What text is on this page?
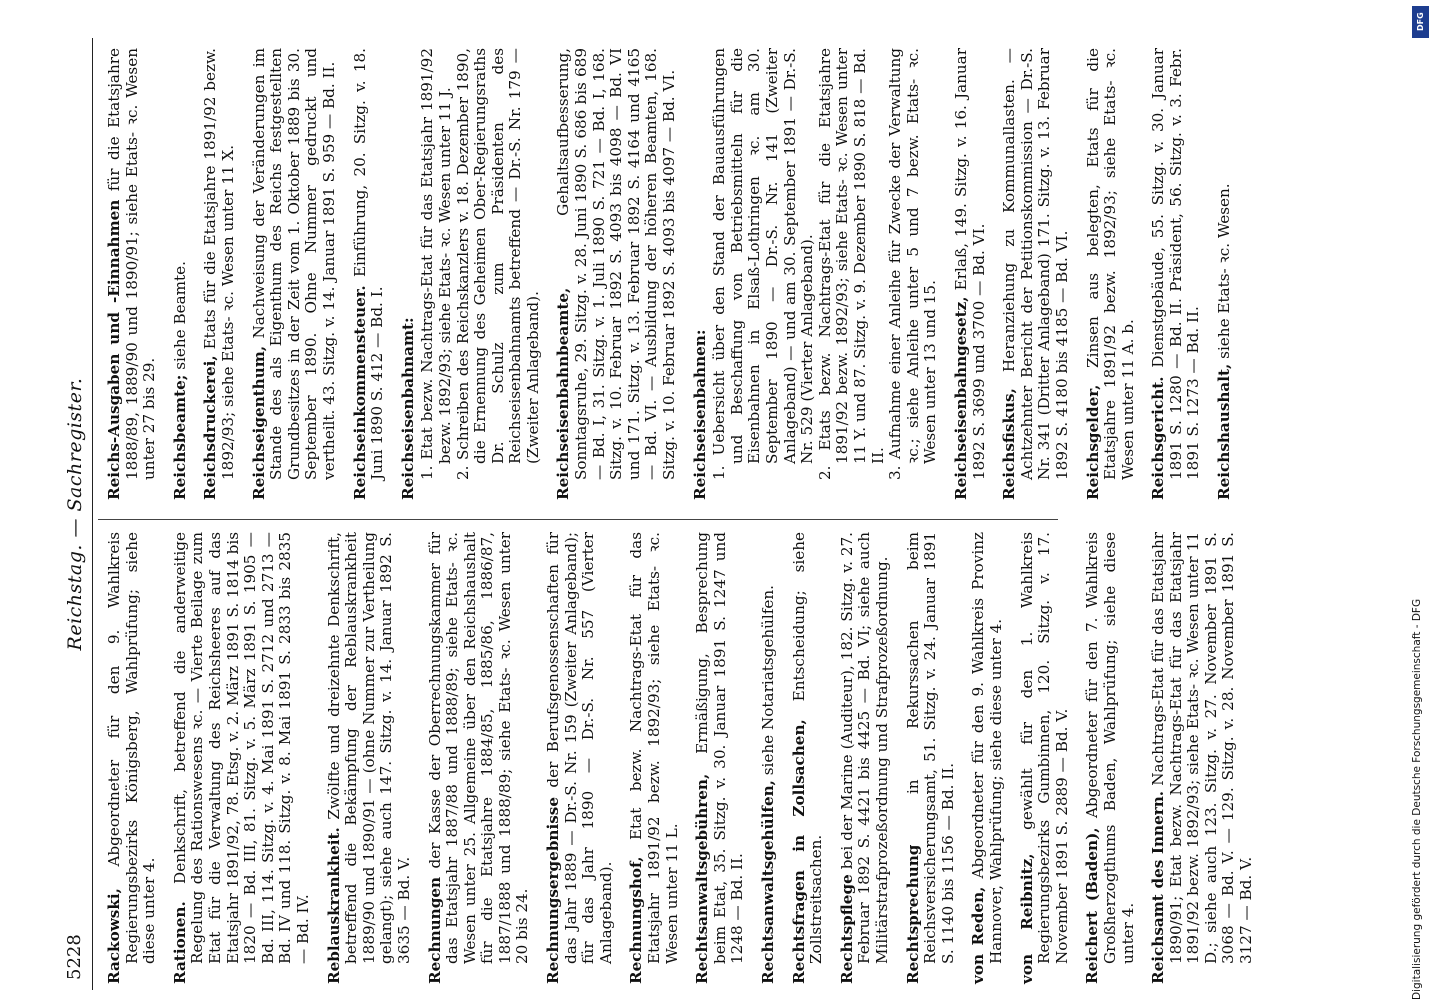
5228
Reichstag. — Sachregister.
Rackowski, Abgeordneter für den 9. Wahlkreis Regierungsbezirks Königsberg, Wahlprüfung; siehe diese unter 4. Rationen. Denkschrift, betreffend die anderweitige Regelung des Rationswesens ꝛc. — Vierte Beilage zum Etat für die Verwaltung des Reichsheeres auf das Etatsjahr 1891/92, 78. Etsg. v. 2. März 1891 S. 1814 bis 1820 — Bd. III, 81. Sitzg. v. 5. März 1891 S. 1905 — Bd. III, 114. Sitzg. v. 4. Mai 1891 S. 2712 und 2713 — Bd. IV und 118. Sitzg. v. 8. Mai 1891 S. 2833 bis 2835 — Bd. IV. Reblauskrankheit. Zwölfte und dreizehnte Denkschrift, betreffend die Bekämpfung der Reblauskrankheit 1889/90 und 1890/91 — (ohne Nummer zur Vertheilung gelangt); siehe auch 147. Sitzg. v. 14. Januar 1892 S. 3635 — Bd. V. Rechnungen der Kasse der Oberrechnungskammer für das Etatsjahr 1887/88 und 1888/89; siehe Etats- ꝛc. Wesen unter 25. Allgemeine über den Reichshaushalt für die Etatsjahre 1884/85, 1885/86, 1886/87, 1887/1888 und 1888/89; siehe Etats- ꝛc. Wesen unter 20 bis 24. Rechnungsergebnisse der Berufsgenossenschaften für das Jahr 1889 — Dr.-S. Nr. 159 (Zweiter Anlageband); für das Jahr 1890 — Dr.-S. Nr. 557 (Vierter Anlageband). Rechnungshof, Etat bezw. Nachtrags-Etat für das Etatsjahr 1891/92 bezw. 1892/93; siehe Etats- ꝛc. Wesen unter 11 L. Rechtsanwaltsgebühren, Ermäßigung, Besprechung beim Etat, 35. Sitzg. v. 30. Januar 1891 S. 1247 und 1248 — Bd. II. Rechtsanwaltsgehülfen, siehe Notariatsgehülfen.
Rechtsfragen in Zollsachen, Entscheidung; siehe Zollstreitsachen. Rechtspflege bei der Marine (Auditeur), 182. Sitzg. v. 27. Februar 1892 S. 4421 bis 4425 — Bd. VI; siehe auch Militärstrafprozeßordnung und Strafprozeßordnung. Rechtsprechung in Rekurssachen beim Reichsversicherungsamt, 51. Sitzg. v. 24. Januar 1891 S. 1140 bis 1156 — Bd. II. von Reden, Abgeordneter für den 9. Wahlkreis Provinz Hannover, Wahlprüfung; siehe diese unter 4. von Reibnitz, gewählt für den 1. Wahlkreis Regierungsbezirks Gumbinnen, 120. Sitzg. v. 17. November 1891 S. 2889 — Bd. V. Reichert (Baden), Abgeordneter für den 7. Wahlkreis Großherzogthums Baden, Wahlprüfung; siehe diese unter 4. Reichsamt des Innern. Nachtrags-Etat für das Etatsjahr 1890/91; Etat bezw. Nachtrags-Etat für das Etatsjahr 1891/92 bezw. 1892/93; siehe Etats- ꝛc. Wesen unter 11 D.; siehe auch 123. Sitzg. v. 27. November 1891 S. 3068 — Bd. V. — 129. Sitzg. v. 28. November 1891 S. 3127 — Bd. V.
Reichs-Ausgaben und -Einnahmen für die Etatsjahre 1888/89, 1889/90 und 1890/91; siehe Etats- ꝛc. Wesen unter 27 bis 29. Reichsbeamte; siehe Beamte.
Reichsdruckerei, Etats für die Etatsjahre 1891/92 bezw. 1892/93; siehe Etats- ꝛc. Wesen unter 11 X. Reichseigenthum, Nachweisung der Veränderungen im Stande des als Eigenthum des Reichs festgestellten Grundbesitzes in der Zeit vom 1. Oktober 1889 bis 30. September 1890. Ohne Nummer gedruckt und vertheilt. 43. Sitzg. v. 14. Januar 1891 S. 959 — Bd. II. Reichseinkommensteuer. Einführung, 20. Sitzg. v. 18. Juni 1890 S. 412 — Bd. I. Reichseisenbahnamt: 1. Etat bezw. Nachtrags-Etat für das Etatsjahr 1891/92 bezw. 1892/93; siehe Etats- ꝛc. Wesen unter 11 J. 2. Schreiben des Reichskanzlers v. 18. Dezember 1890, die Ernennung des Geheimen Ober-Regierungsraths Dr. Schulz zum Präsidenten des Reichseisenbahnamts betreffend — Dr.-S. Nr. 179 — (Zweiter Anlageband). Reichseisenbahnbeamte, Gehaltsaufbesserung, Sonntagsruhe, 29. Sitzg. v. 28. Juni 1890 S. 686 bis 689 — Bd. I, 31. Sitzg. v. 1. Juli 1890 S. 721 — Bd. I, 168. Sitzg. v. 10. Februar 1892 S. 4093 bis 4098 — Bd. VI und 171. Sitzg. v. 13. Februar 1892 S. 4164 und 4165 — Bd. VI. — Ausbildung der höheren Beamten, 168. Sitzg. v. 10. Februar 1892 S. 4093 bis 4097 — Bd. VI. Reichseisenbahnen: 1. Uebersicht über den Stand der Bauausführungen und Beschaffung von Betriebsmitteln für die Eisenbahnen in Elsaß-Lothringen ꝛc. am 30. September 1890 — Dr.-S. Nr. 141 (Zweiter Anlageband) — und am 30. September 1891 — Dr.-S. Nr. 529 (Vierter Anlageband). 2. Etats bezw. Nachtrags-Etat für die Etatsjahre 1891/92 bezw. 1892/93; siehe Etats- ꝛc. Wesen unter 11 Y. und 87. Sitzg. v. 9. Dezember 1890 S. 818 — Bd. II. 3. Aufnahme einer Anleihe für Zwecke der Verwaltung ꝛc.; siehe Anleihe unter 5 und 7 bezw. Etats- ꝛc. Wesen unter 13 und 15. Reichseisenbahngesetz, Erlaß, 149. Sitzg. v. 16. Januar 1892 S. 3699 und 3700 — Bd. VI. Reichsfiskus, Heranziehung zu Kommunallasten. — Achtzehnter Bericht der Petitionskommission — Dr.-S. Nr. 341 (Dritter Anlageband) 171. Sitzg. v. 13. Februar 1892 S. 4180 bis 4185 — Bd. VI. Reichsgelder, Zinsen aus belegten, Etats für die Etatsjahre 1891/92 bezw. 1892/93; siehe Etats- ꝛc. Wesen unter 11 A. b. Reichsgericht. Dienstgebäude, 55. Sitzg. v. 30. Januar 1891 S. 1280 — Bd. II. Präsident, 56. Sitzg. v. 3. Febr. 1891 S. 1273 — Bd. II. Reichshaushalt, siehe Etats- ꝛc. Wesen.
DFG
Digitalisierung gefördert durch die Deutsche Forschungsgemeinschaft - DFG
